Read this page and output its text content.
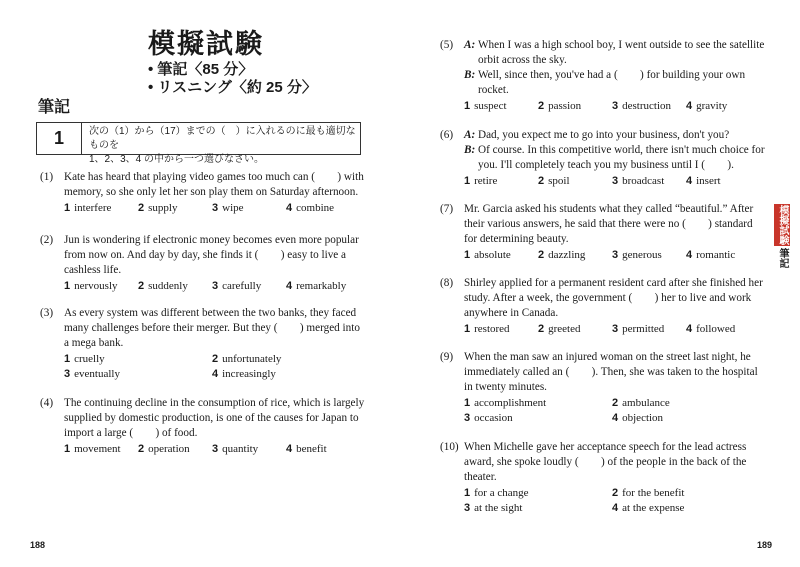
模擬試験
• 筆記〈85 分〉
• リスニング〈約 25 分〉
筆記
1	次の（1）から（17）までの（　）に入れるのに最も適切なものを
1、2、3、4 の中から一つ選びなさい。
(1) Kate has heard that playing video games too much can (　　) with
memory, so she only let her son play them on Saturday afternoon.
1 interfere 2 supply	3 wipe	4 combine
(2) Jun is wondering if electronic money becomes even more popular
from now on. And day by day, she finds it (　　) easy to live a
cashless life.
1 nervously 2 suddenly 3 carefully 4 remarkably
(3) As every system was different between the two banks, they faced
many challenges before their merger. But they (　　) merged into
a mega bank.
1 cruelly	2 unfortunately
3 eventually	4 increasingly
(4) The continuing decline in the consumption of rice, which is largely
supplied by domestic production, is one of the causes for Japan to
import a large (　　) of food.
1 movement 2 operation 3 quantity	4 benefit
(5) A: When I was a high school boy, I went outside to see the satellite
orbit across the sky.
B: Well, since then, you've had a (　　) for building your own
rocket.
1 suspect	2 passion	3 destruction 4 gravity
(6) A: Dad, you expect me to go into your business, don't you?
B: Of course. In this competitive world, there isn't much choice for
you. I'll completely teach you my business until I (　　).
1 retire	2 spoil	3 broadcast 4 insert
(7) Mr. Garcia asked his students what they called “beautiful.” After
their various answers, he said that there were no (　　) standard
for determining beauty.
1 absolute 2 dazzling 3 generous 4 romantic
(8) Shirley applied for a permanent resident card after she finished her
study. After a week, the government (　　) her to live and work
anywhere in Canada.
1 restored	2 greeted	3 permitted 4 followed
(9) When the man saw an injured woman on the street last night, he
immediately called an (　　). Then, she was taken to the hospital
in twenty minutes.
1 accomplishment	2 ambulance
3 occasion	4 objection
(10) When Michelle gave her acceptance speech for the lead actress
award, she spoke loudly (　　) of the people in the back of the
theater.
1 for a change	2 for the benefit
3 at the sight	4 at the expense
模擬試験
筆記
188	189
